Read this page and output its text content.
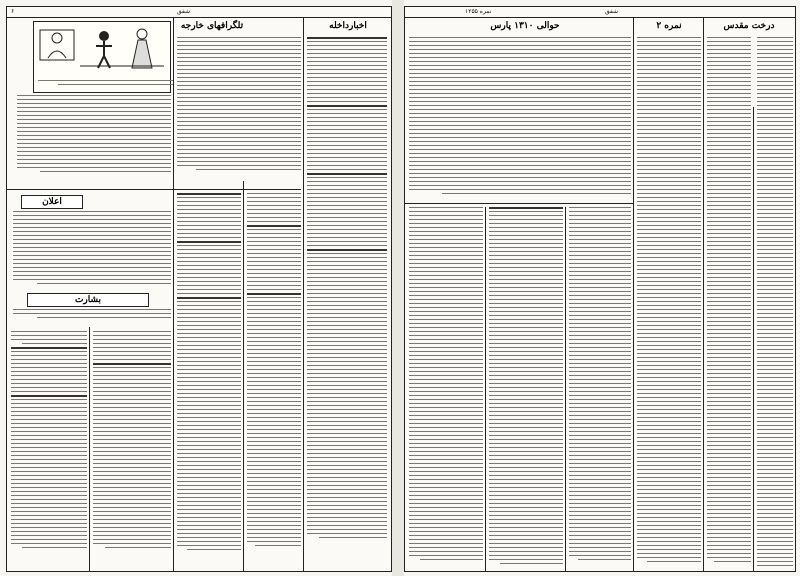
۶	شفق
تلگرافهای خارجه	اخبارداخله
اعلان
بشارت
نمره ۱۲۵۵	شفق
حوالی ۱۳۱۰ پارس	نمره ۲	درخت مقدس
